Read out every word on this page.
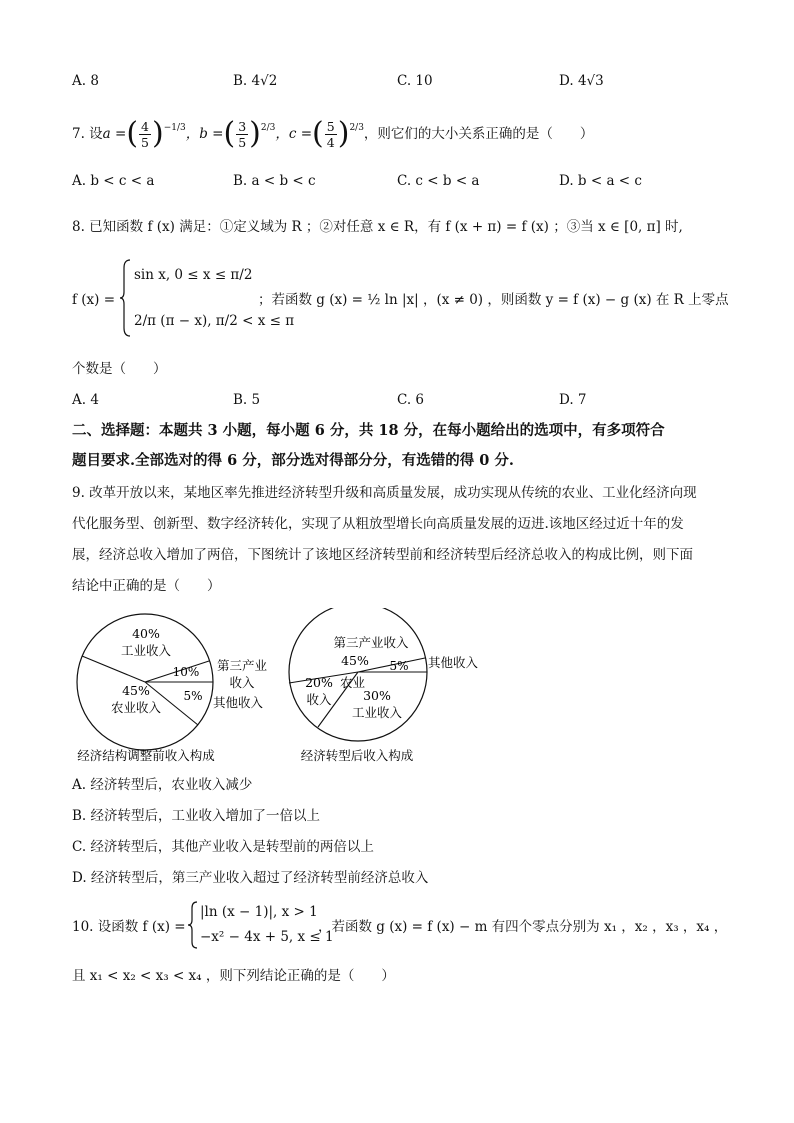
A. 8	B. 4√2	C. 10	D. 4√3
7. 设 a = ( $\frac{4}{5}$ ) −1/3 ，b = ( $\frac{3}{5}$ ) 2/3 ，c = ( $\frac{5}{4}$ ) 2/3 ，则它们的大小关系正确的是（　　）
A. b < c < a	B. a < b < c	C. c < b < a	D. b < a < c
8. 已知函数 f (x) 满足：①定义域为 R ；②对任意 x ∈ R，有 f (x + π) = f (x) ；③当 x ∈ [0, π] 时,
f (x) =
sin x, 0 ≤ x ≤ π/2
2/π (π − x), π/2 < x ≤ π
；若函数 g (x) = ½ ln |x| ，(x ≠ 0) ，则函数 y = f (x) − g (x) 在 R 上零点
个数是（　　）
A. 4	B. 5	C. 6	D. 7
二、选择题：本题共 3 小题，每小题 6 分，共 18 分，在每小题给出的选项中，有多项符合
题目要求.全部选对的得 6 分，部分选对得部分分，有选错的得 0 分.
9. 改革开放以来，某地区率先推进经济转型升级和高质量发展，成功实现从传统的农业、工业化经济向现
代化服务型、创新型、数字经济转化，实现了从粗放型增长向高质量发展的迈进.该地区经过近十年的发
展，经济总收入增加了两倍，下图统计了该地区经济转型前和经济转型后经济总收入的构成比例，则下面
结论中正确的是（　　）
40%
工业收入
10%
5%
45%
农业收入
第三产业
收入
其他收入
经济结构调整前收入构成
第三产业收入
45% 5% 其他收入
20%
收入
农业
30%
工业收入
经济转型后收入构成
A. 经济转型后，农业收入减少
B. 经济转型后，工业收入增加了一倍以上
C. 经济转型后，其他产业收入是转型前的两倍以上
D. 经济转型后，第三产业收入超过了经济转型前经济总收入
10. 设函数 f (x) =
|ln (x − 1)|, x > 1
−x² − 4x + 5, x ≤ 1
，若函数 g (x) = f (x) − m 有四个零点分别为 x₁ ，x₂ ，x₃ ，x₄ ，
且 x₁ < x₂ < x₃ < x₄ ，则下列结论正确的是（　　）
